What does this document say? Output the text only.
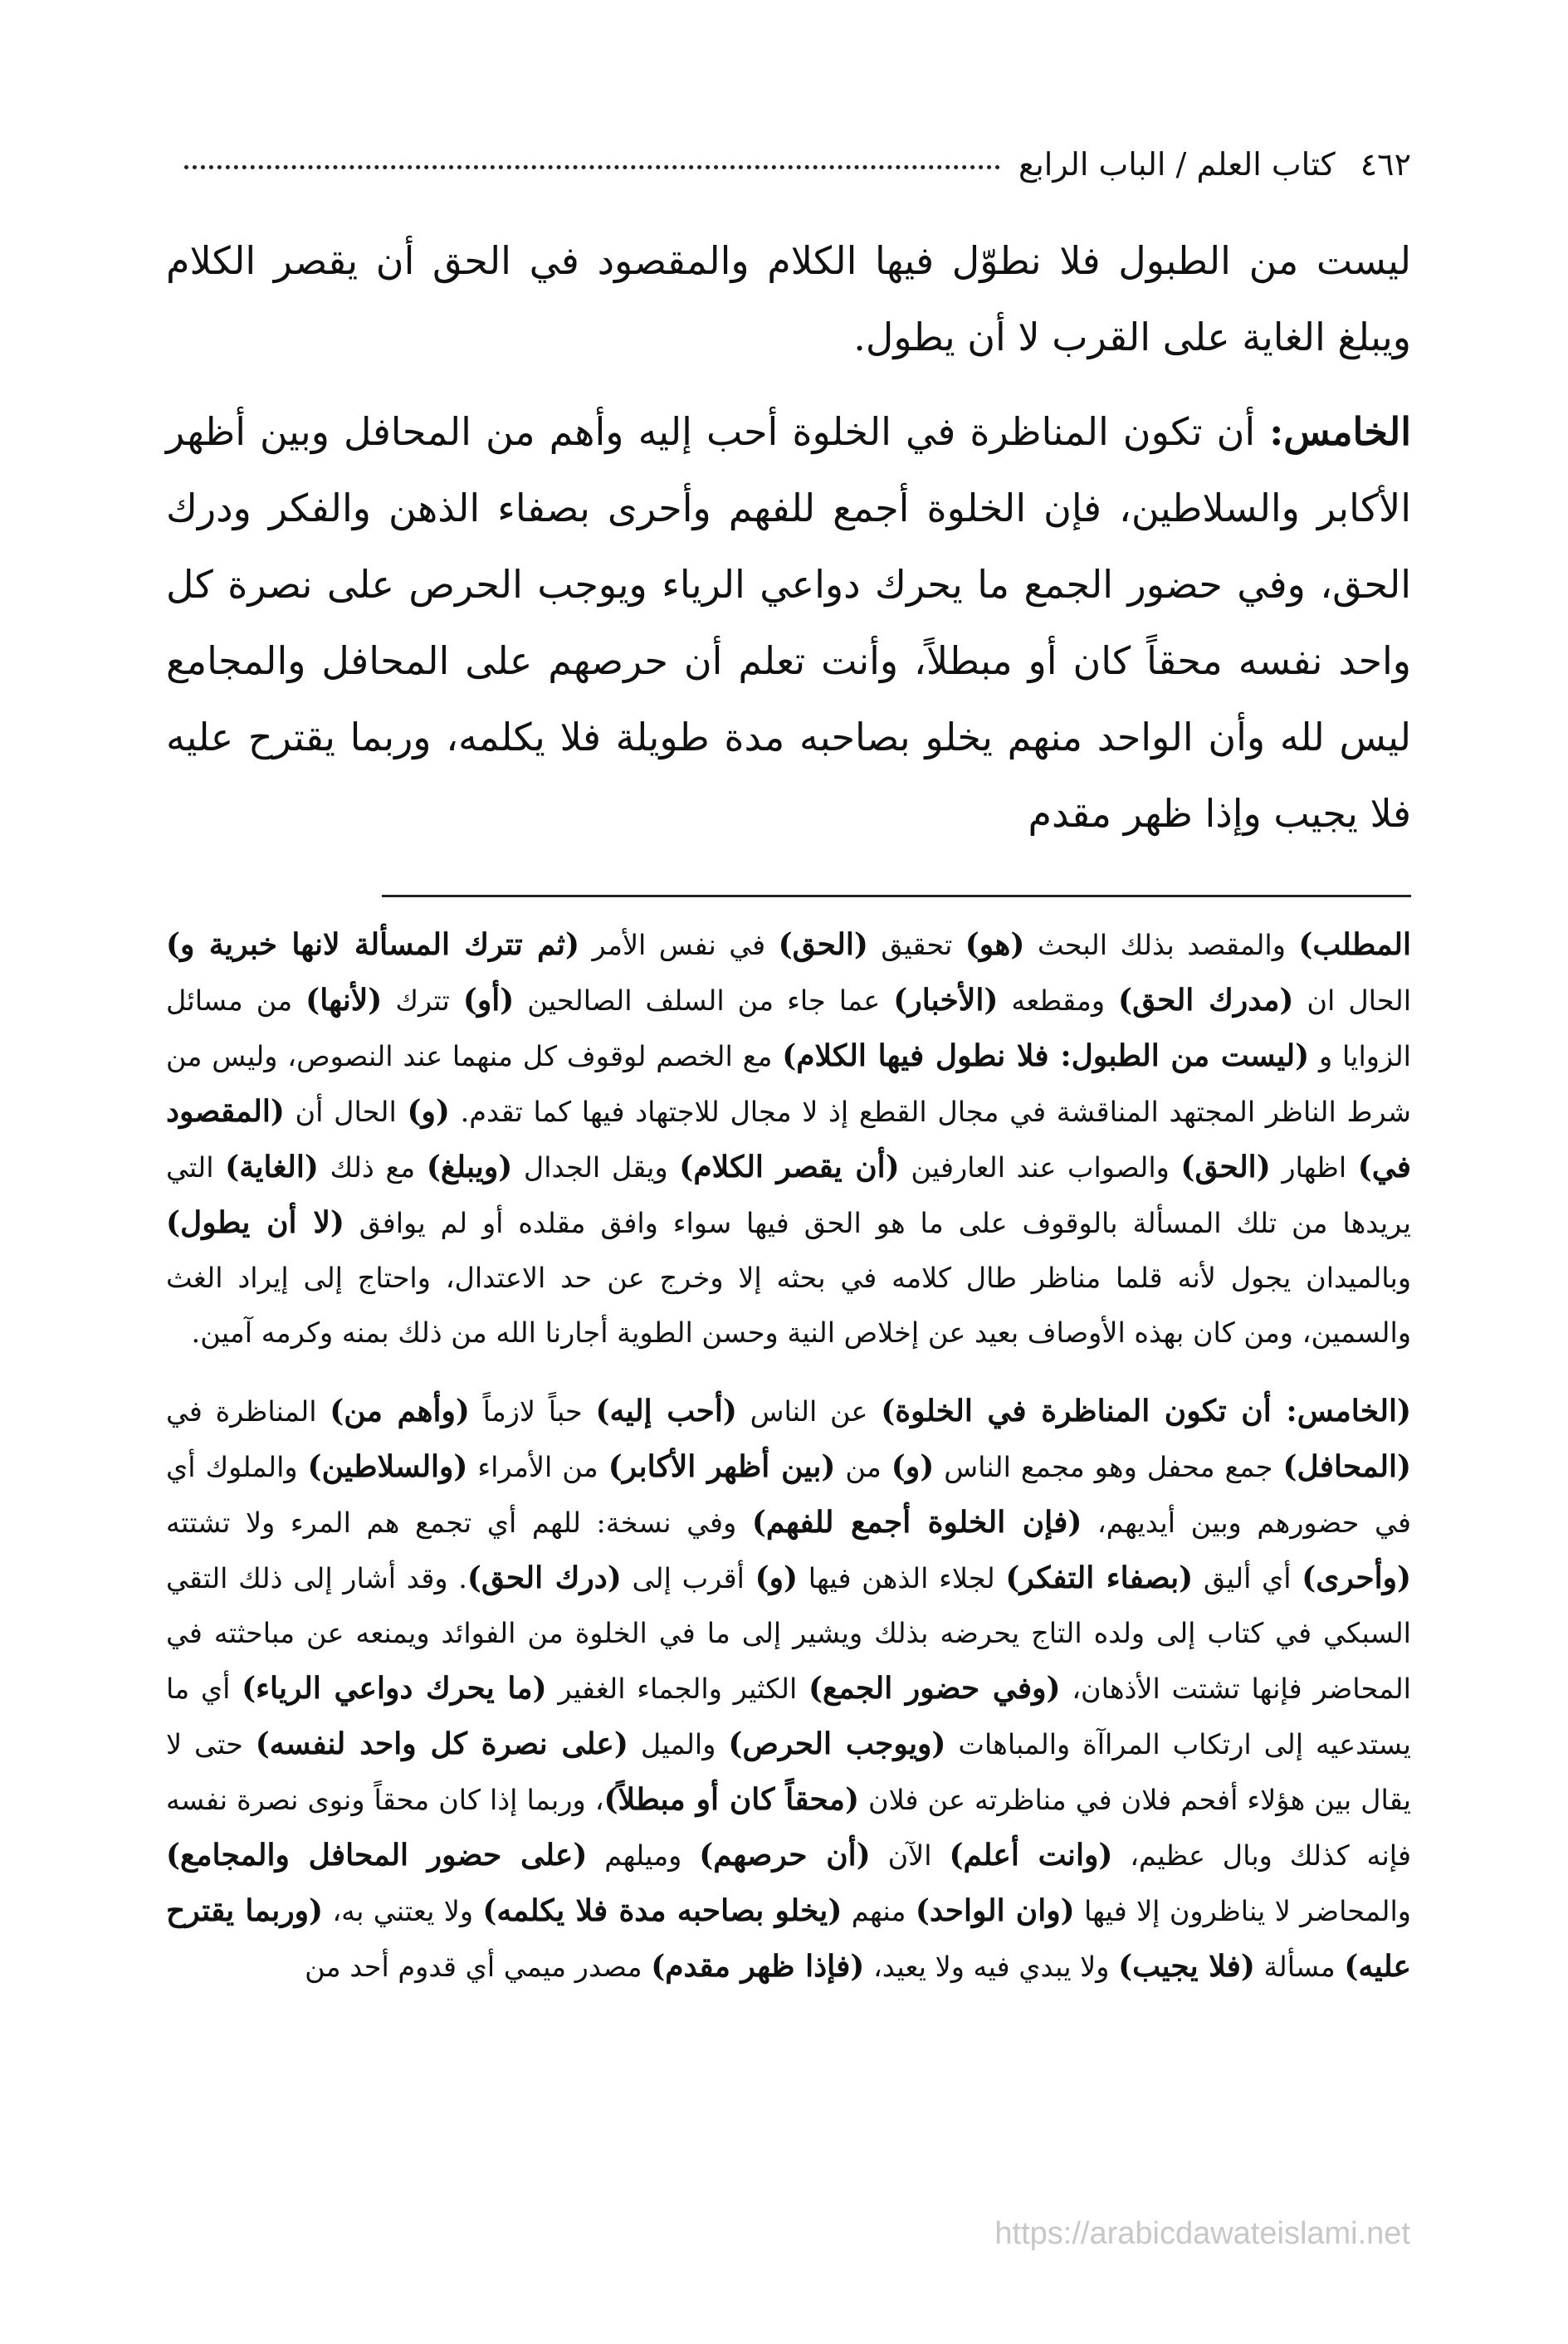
٤٦٢
كتاب العلم / الباب الرابع

ليست من الطبول فلا نطوّل فيها الكلام والمقصود في الحق أن يقصر الكلام ويبلغ الغاية على القرب لا أن يطول.

الخامس: أن تكون المناظرة في الخلوة أحب إليه وأهم من المحافل وبين أظهر الأكابر والسلاطين، فإن الخلوة أجمع للفهم وأحرى بصفاء الذهن والفكر ودرك الحق، وفي حضور الجمع ما يحرك دواعي الرياء ويوجب الحرص على نصرة كل واحد نفسه محقاً كان أو مبطلاً، وأنت تعلم أن حرصهم على المحافل والمجامع ليس لله وأن الواحد منهم يخلو بصاحبه مدة طويلة فلا يكلمه، وربما يقترح عليه فلا يجيب وإذا ظهر مقدم

المطلب) والمقصد بذلك البحث (هو) تحقيق (الحق) في نفس الأمر (ثم تترك المسألة لانها خبرية و) الحال ان (مدرك الحق) ومقطعه (الأخبار) عما جاء من السلف الصالحين (أو) تترك (لأنها) من مسائل الزوايا و (ليست من الطبول: فلا نطول فيها الكلام) مع الخصم لوقوف كل منهما عند النصوص، وليس من شرط الناظر المجتهد المناقشة في مجال القطع إذ لا مجال للاجتهاد فيها كما تقدم. (و) الحال أن (المقصود في) اظهار (الحق) والصواب عند العارفين (أن يقصر الكلام) ويقل الجدال (ويبلغ) مع ذلك (الغاية) التي يريدها من تلك المسألة بالوقوف على ما هو الحق فيها سواء وافق مقلده أو لم يوافق (لا أن يطول) وبالميدان يجول لأنه قلما مناظر طال كلامه في بحثه إلا وخرج عن حد الاعتدال، واحتاج إلى إيراد الغث والسمين، ومن كان بهذه الأوصاف بعيد عن إخلاص النية وحسن الطوية أجارنا الله من ذلك بمنه وكرمه آمين.

(الخامس: أن تكون المناظرة في الخلوة) عن الناس (أحب إليه) حباً لازماً (وأهم من) المناظرة في (المحافل) جمع محفل وهو مجمع الناس (و) من (بين أظهر الأكابر) من الأمراء (والسلاطين) والملوك أي في حضورهم وبين أيديهم، (فإن الخلوة أجمع للفهم) وفي نسخة: للهم أي تجمع هم المرء ولا تشتته (وأحرى) أي أليق (بصفاء التفكر) لجلاء الذهن فيها (و) أقرب إلى (درك الحق). وقد أشار إلى ذلك التقي السبكي في كتاب إلى ولده التاج يحرضه بذلك ويشير إلى ما في الخلوة من الفوائد ويمنعه عن مباحثته في المحاضر فإنها تشتت الأذهان، (وفي حضور الجمع) الكثير والجماء الغفير (ما يحرك دواعي الرياء) أي ما يستدعيه إلى ارتكاب المراآة والمباهات (ويوجب الحرص) والميل (على نصرة كل واحد لنفسه) حتى لا يقال بين هؤلاء أفحم فلان في مناظرته عن فلان (محقاً كان أو مبطلاً)، وربما إذا كان محقاً ونوى نصرة نفسه فإنه كذلك وبال عظيم، (وانت أعلم) الآن (أن حرصهم) وميلهم (على حضور المحافل والمجامع) والمحاضر لا يناظرون إلا فيها (وان الواحد) منهم (يخلو بصاحبه مدة فلا يكلمه) ولا يعتني به، (وربما يقترح عليه) مسألة (فلا يجيب) ولا يبدي فيه ولا يعيد، (فإذا ظهر مقدم) مصدر ميمي أي قدوم أحد من

https://arabicdawateislami.net
